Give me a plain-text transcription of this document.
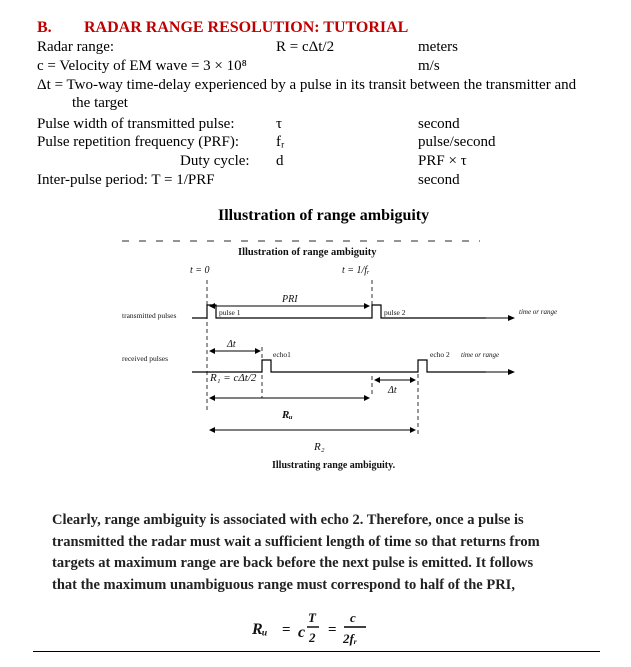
B. RADAR RANGE RESOLUTION: TUTORIAL
Radar range:	R = cΔt/2	meters
c = Velocity of EM wave = 3 × 10⁸	m/s
Δt = Two-way time-delay experienced by a pulse in its transit between the transmitter and
the target
Pulse width of transmitted pulse:	τ	second
Pulse repetition frequency (PRF): fᵣ	pulse/second
Duty cycle: d	PRF × τ
Inter-pulse period: T = 1/PRF	second
Illustration of range ambiguity
Illustration of range ambiguity
t = 0	t = 1/fᵣ
PRI
transmitted pulses	pulse 1	pulse 2	time or range
Δt
received pulses	echo1	echo 2 time or range
R₁ = cΔt/2
Δt
Rᵤ
R₂
Illustrating range ambiguity.
Clearly, range ambiguity is associated with echo 2. Therefore, once a pulse is
transmitted the radar must wait a sufficient length of time so that returns from
targets at maximum range are back before the next pulse is emitted. It follows
that the maximum unambiguous range must correspond to half of the PRI,
Rᵤ = c
T
2 =
c
2fᵣ
